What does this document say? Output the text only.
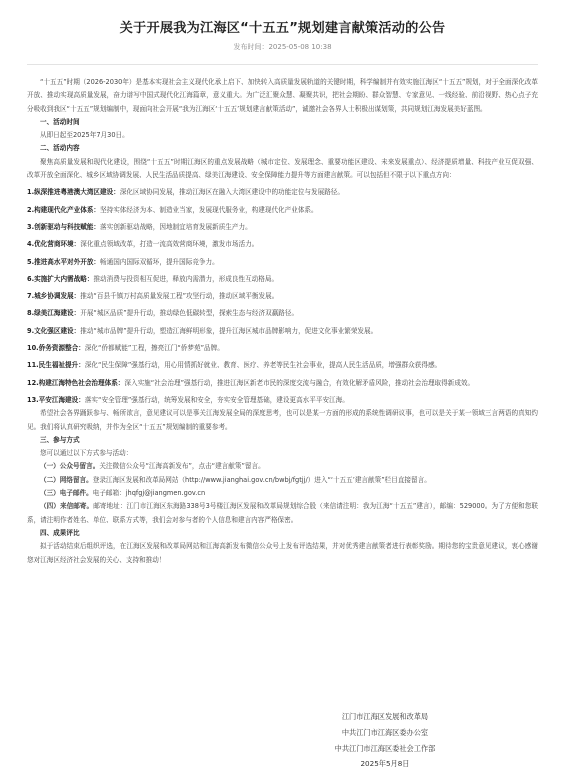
关于开展我为江海区“十五五”规划建言献策活动的公告
发布时间：2025-05-08 10:38

“十五五”时期（2026-2030年）是基本实现社会主义现代化承上启下、加快转入高质量发展轨道的关键时期，科学编制并有效实施江海区“十五五”规划，对于全面深化改革开放、推动实现高质量发展，奋力谱写中国式现代化江海篇章，意义重大。为广泛汇聚众慧、凝聚共识，把社会期盼、群众智慧、专家意见、一线经验、前沿视野、热心点子充分吸收到我区“十五五”规划编制中，现面向社会开展“我为江海区‘十五五’规划建言献策活动”，诚邀社会各界人士积极出谋划策，共同规划江海发展美好蓝图。

一、活动时间

从即日起至2025年7月30日。

二、活动内容

聚焦高质量发展和现代化建设，围绕“十五五”时期江海区的重点发展战略（城市定位、发展理念、重要功能区建设、未来发展重点）、经济提质增量、科技产业互促双强、改革开放全面深化、城乡区域协调发展、人民生活品质提高、绿美江海建设、安全保障能力提升等方面建言献策。可以包括但不限于以下重点方向：

1.纵深推进粤港澳大湾区建设：深化区域协同发展，推动江海区在融入大湾区建设中的功能定位与发展路径。

2.构建现代化产业体系：坚持实体经济为本、制造业当家，发展现代服务业，构建现代化产业体系。

3.创新驱动与科技赋能：落实创新驱动战略，因地制宜培育发展新质生产力。

4.优化营商环境：深化重点领域改革，打造一流高效营商环境，激发市场活力。

5.推进高水平对外开放：畅通国内国际双循环，提升国际竞争力。

6.实施扩大内需战略：推动消费与投资相互促进，释放内需潜力，形成良性互动格局。

7.城乡协调发展：推动“百县千镇万村高质量发展工程”攻坚行动，推动区域平衡发展。

8.绿美江海建设：开展“城区品质”提升行动，推动绿色低碳转型，探索生态与经济双赢路径。

9.文化强区建设：推动“城市品牌”提升行动，塑造江海鲜明形象，提升江海区城市品牌影响力，促进文化事业繁荣发展。

10.侨务资源整合：深化“侨都赋能”工程，擦亮江门“侨梦苑”品牌。

11.民生福祉提升：深化“民生保障”强基行动，用心用情抓好就业、教育、医疗、养老等民生社会事业，提高人民生活品质，增强群众获得感。

12.构建江海特色社会治理体系：深入实施“社会治理”强基行动，推进江海区新老市民的深度交流与融合，有效化解矛盾风险，推动社会治理取得新成效。

13.平安江海建设：落实“安全管理”强基行动，统筹发展和安全，夯实安全管理基础，建设更高水平平安江海。

希望社会各界踊跃参与、畅所欲言，意见建议可以是事关江海发展全局的深度思考，也可以是某一方面的形成的系统性调研议事，也可以是关于某一领域三言两语的真知灼见。我们将认真研究吸纳，并作为全区“十五五”规划编制的重要参考。

三、参与方式

您可以通过以下方式参与活动：

（一）公众号留言。关注微信公众号“江海高新发布”，点击“建言献策”留言。

（二）网络留言。登录江海区发展和改革局网站（http://www.jianghai.gov.cn/bwbj/fgtjj/）进入“‘十五五’建言献策”栏目直接留言。

（三）电子邮件。电子邮箱：jhqfgj@jiangmen.gov.cn

（四）来信邮寄。邮寄地址：江门市江海区东海路338号3号楼江海区发展和改革局规划综合股（来信请注明：我为江海“十五五”建言），邮编：529000。为了方便和您联系，请注明作者姓名、单位、联系方式等，我们会对参与者的个人信息和建言内容严格保密。

四、成果评比

拟于活动结束后组织评选，在江海区发展和改革局网站和江海高新发布微信公众号上发布评选结果，并对优秀建言献策者进行表彰奖励。期待您的宝贵意见建议，衷心感谢您对江海区经济社会发展的关心、支持和推动！

江门市江海区发展和改革局
中共江门市江海区委办公室
中共江门市江海区委社会工作部
2025年5月8日
